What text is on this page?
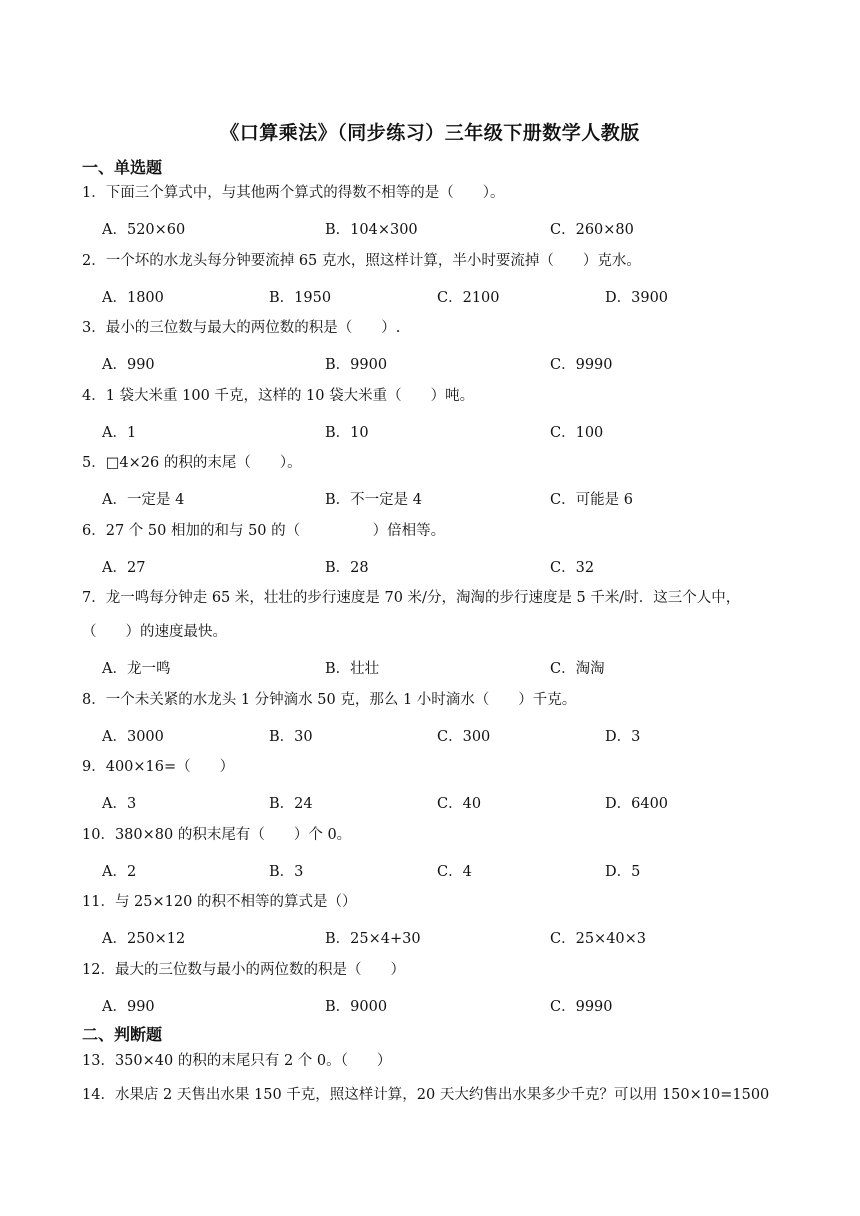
《口算乘法》（同步练习）三年级下册数学人教版
一、单选题
1．下面三个算式中，与其他两个算式的得数不相等的是（　　）。
A．520×60	B．104×300	C．260×80
2．一个坏的水龙头每分钟要流掉 65 克水，照这样计算，半小时要流掉（　　）克水。
A．1800	B．1950	C．2100	D．3900
3．最小的三位数与最大的两位数的积是（　　）.
A．990	B．9900	C．9990
4．1 袋大米重 100 千克，这样的 10 袋大米重（　　）吨。
A．1	B．10	C．100
5．□4×26 的积的末尾（　　）。
A．一定是 4	B．不一定是 4	C．可能是 6
6．27 个 50 相加的和与 50 的（　　　　　）倍相等。
A．27	B．28	C．32
7．龙一鸣每分钟走 65 米，壮壮的步行速度是 70 米/分，淘淘的步行速度是 5 千米/时．这三个人中，
（　　）的速度最快。
A．龙一鸣	B．壮壮	C．淘淘
8．一个未关紧的水龙头 1 分钟滴水 50 克，那么 1 小时滴水（　　）千克。
A．3000	B．30	C．300	D．3
9．400×16=（　　）
A．3	B．24	C．40	D．6400
10．380×80 的积末尾有（　　）个 0。
A．2	B．3	C．4	D．5
11．与 25×120 的积不相等的算式是（）
A．250×12	B．25×4+30	C．25×40×3
12．最大的三位数与最小的两位数的积是（　　）
A．990	B．9000	C．9990
二、判断题
13．350×40 的积的末尾只有 2 个 0。（　　）
14．水果店 2 天售出水果 150 千克，照这样计算，20 天大约售出水果多少千克？可以用 150×10=1500
